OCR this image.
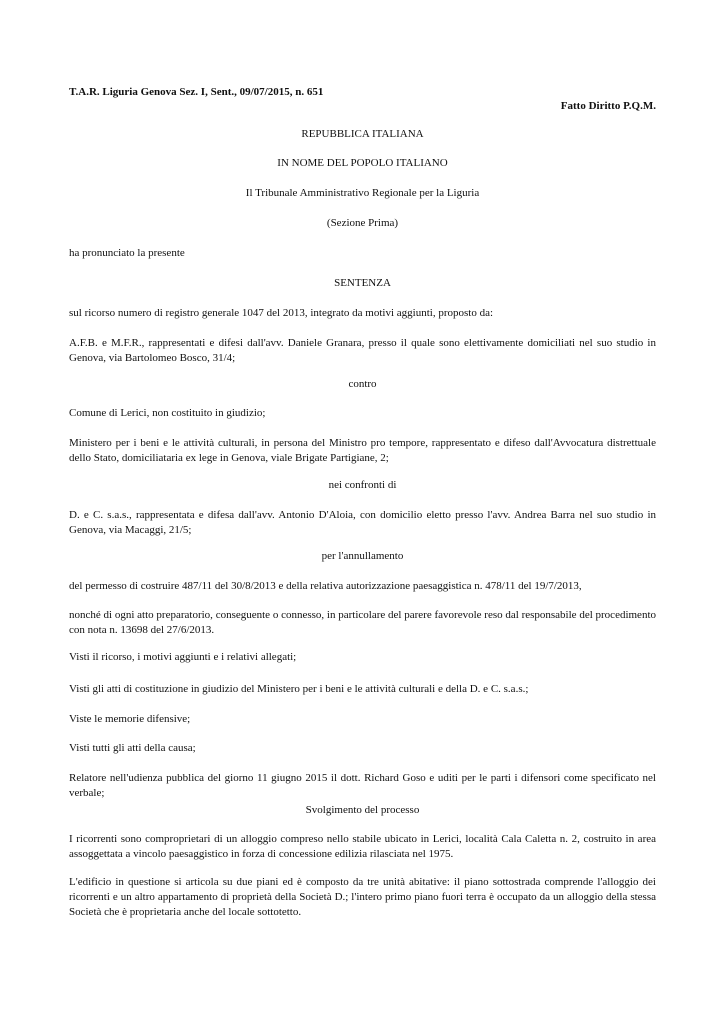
T.A.R. Liguria Genova Sez. I, Sent., 09/07/2015, n. 651
Fatto Diritto P.Q.M.
REPUBBLICA ITALIANA
IN NOME DEL POPOLO ITALIANO
Il Tribunale Amministrativo Regionale per la Liguria
(Sezione Prima)
ha pronunciato la presente
SENTENZA
sul ricorso numero di registro generale 1047 del 2013, integrato da motivi aggiunti, proposto da:
A.F.B. e M.F.R., rappresentati e difesi dall'avv. Daniele Granara, presso il quale sono elettivamente domiciliati nel suo studio in Genova, via Bartolomeo Bosco, 31/4;
contro
Comune di Lerici, non costituito in giudizio;
Ministero per i beni e le attività culturali, in persona del Ministro pro tempore, rappresentato e difeso dall'Avvocatura distrettuale dello Stato, domiciliataria ex lege in Genova, viale Brigate Partigiane, 2;
nei confronti di
D. e C. s.a.s., rappresentata e difesa dall'avv. Antonio D'Aloia, con domicilio eletto presso l'avv. Andrea Barra nel suo studio in Genova, via Macaggi, 21/5;
per l'annullamento
del permesso di costruire 487/11 del 30/8/2013 e della relativa autorizzazione paesaggistica n. 478/11 del 19/7/2013,
nonché di ogni atto preparatorio, conseguente o connesso, in particolare del parere favorevole reso dal responsabile del procedimento con nota n. 13698 del 27/6/2013.
Visti il ricorso, i motivi aggiunti e i relativi allegati;
Visti gli atti di costituzione in giudizio del Ministero per i beni e le attività culturali e della D. e C. s.a.s.;
Viste le memorie difensive;
Visti tutti gli atti della causa;
Relatore nell'udienza pubblica del giorno 11 giugno 2015 il dott. Richard Goso e uditi per le parti i difensori come specificato nel verbale;
Svolgimento del processo
I ricorrenti sono comproprietari di un alloggio compreso nello stabile ubicato in Lerici, località Cala Caletta n. 2, costruito in area assoggettata a vincolo paesaggistico in forza di concessione edilizia rilasciata nel 1975.
L'edificio in questione si articola su due piani ed è composto da tre unità abitative: il piano sottostrada comprende l'alloggio dei ricorrenti e un altro appartamento di proprietà della Società D.; l'intero primo piano fuori terra è occupato da un alloggio della stessa Società che è proprietaria anche del locale sottotetto.
